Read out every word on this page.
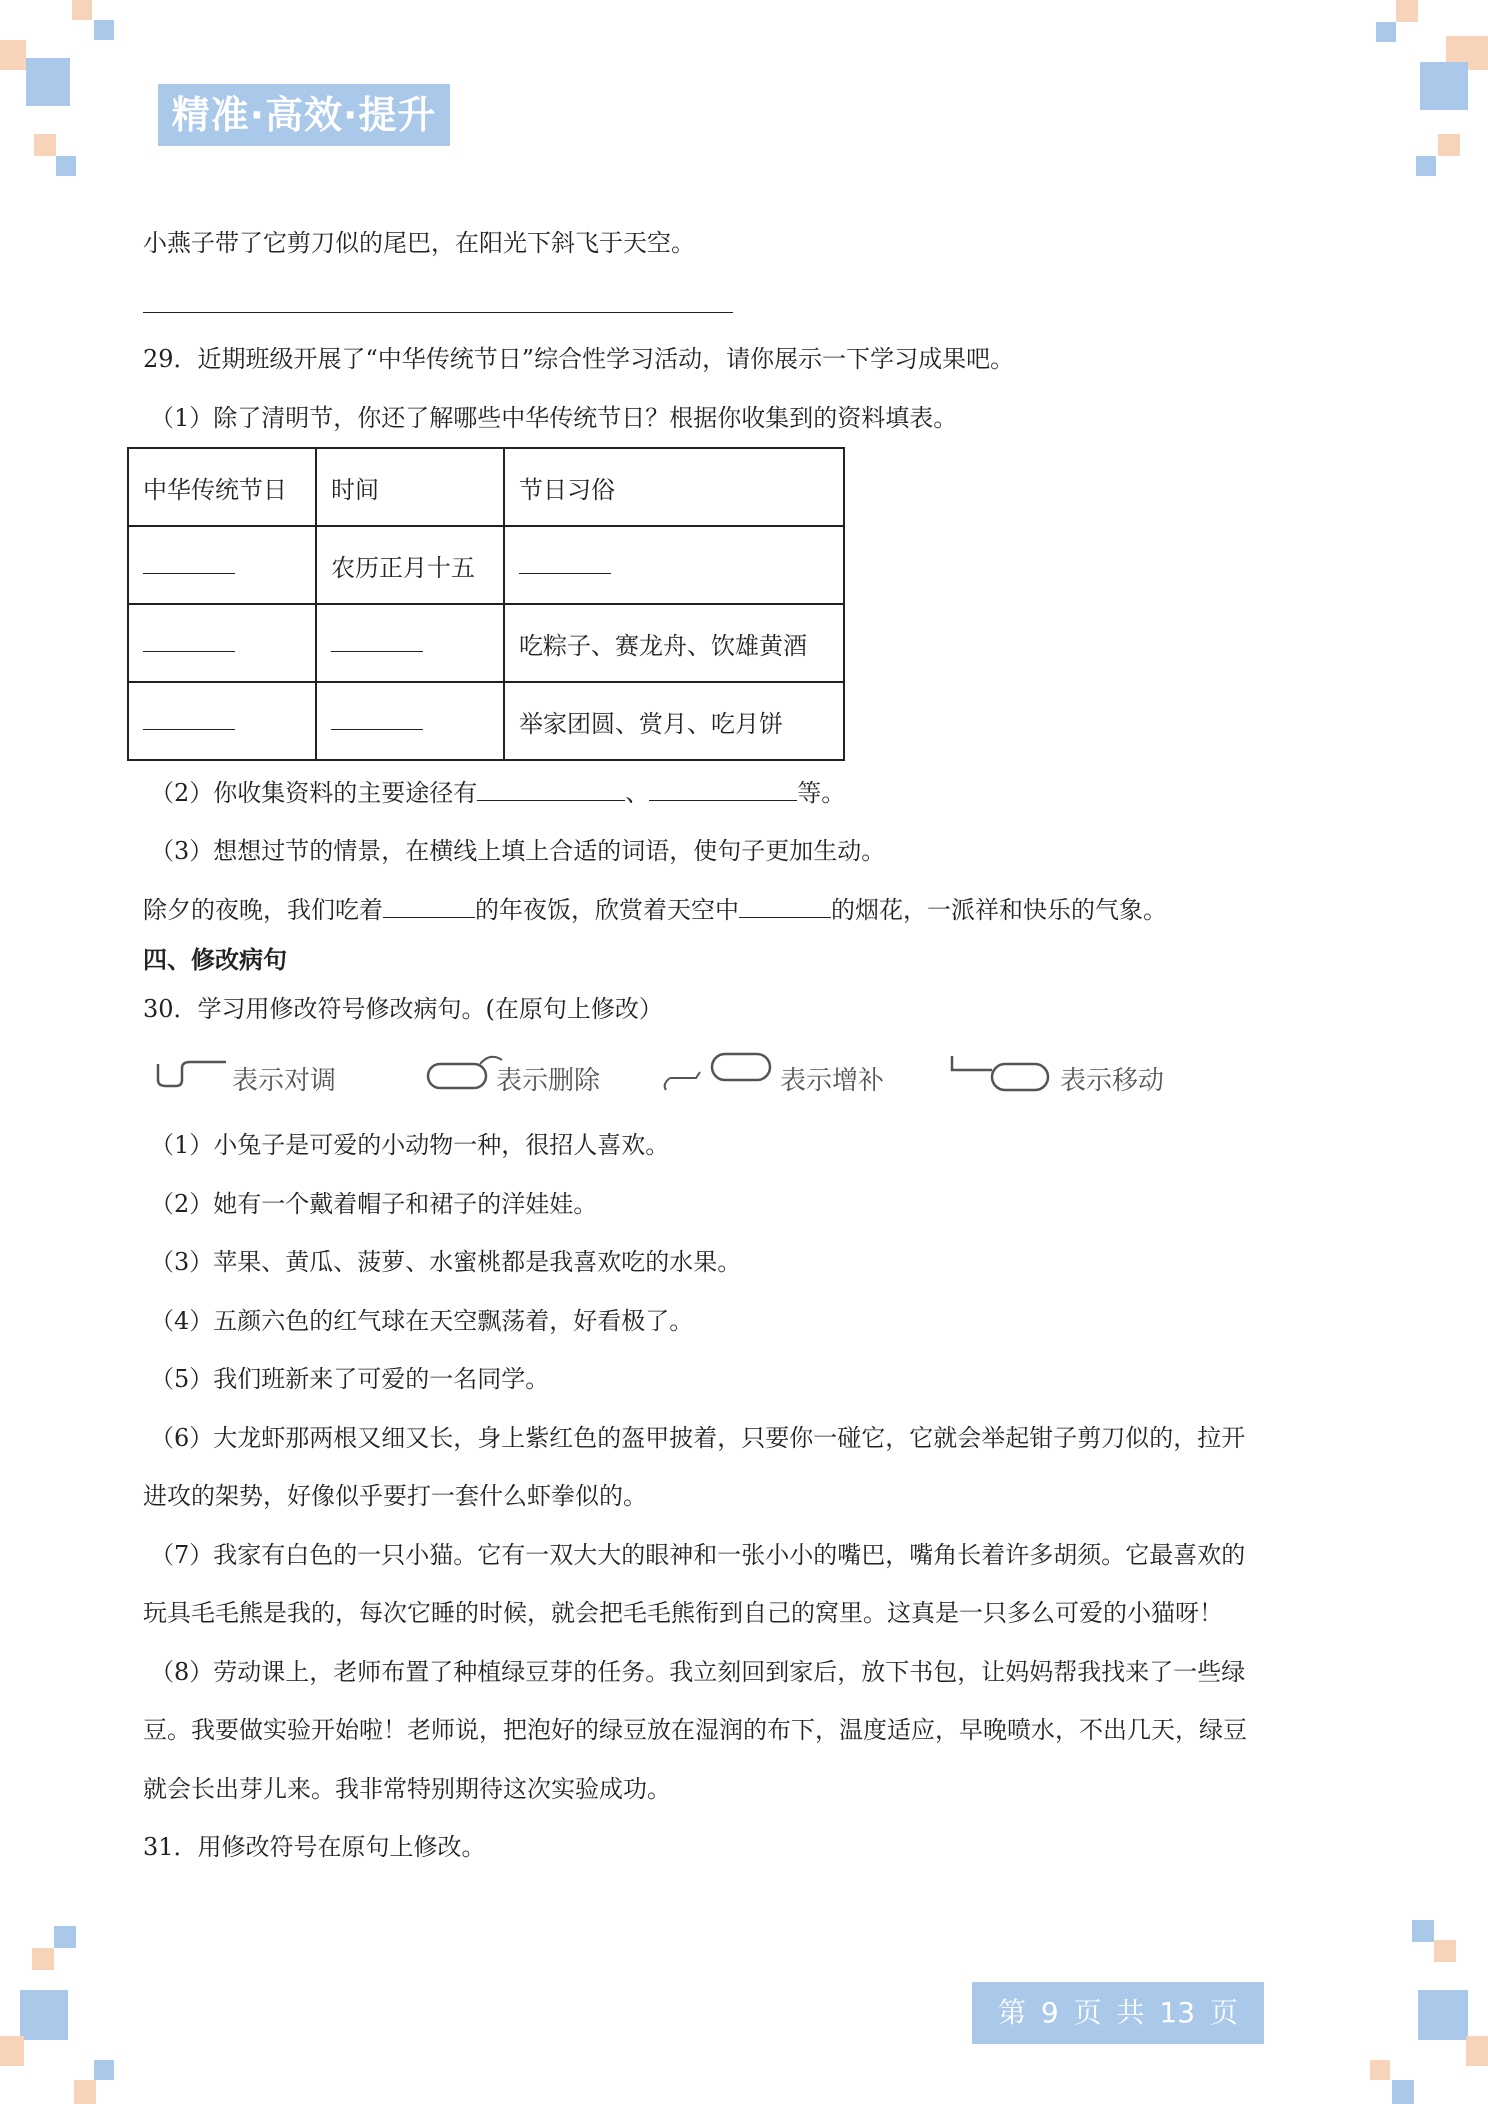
精准·高效·提升
小燕子带了它剪刀似的尾巴，在阳光下斜飞于天空。
29．近期班级开展了“中华传统节日”综合性学习活动，请你展示一下学习成果吧。
（1）除了清明节，你还了解哪些中华传统节日？根据你收集到的资料填表。
中华传统节日	时间	节日习俗
	农历正月十五	
		吃粽子、赛龙舟、饮雄黄酒
		举家团圆、赏月、吃月饼
（2）你收集资料的主要途径有	、	等。
（3）想想过节的情景，在横线上填上合适的词语，使句子更加生动。
除夕的夜晚，我们吃着	的年夜饭，欣赏着天空中	的烟花，一派祥和快乐的气象。
四、修改病句
30．学习用修改符号修改病句。(在原句上修改）
表示对调	表示删除	表示增补	表示移动
（1）小兔子是可爱的小动物一种，很招人喜欢。
（2）她有一个戴着帽子和裙子的洋娃娃。
（3）苹果、黄瓜、菠萝、水蜜桃都是我喜欢吃的水果。
（4）五颜六色的红气球在天空飘荡着，好看极了。
（5）我们班新来了可爱的一名同学。
（6）大龙虾那两根又细又长，身上紫红色的盔甲披着，只要你一碰它，它就会举起钳子剪刀似的，拉开
进攻的架势，好像似乎要打一套什么虾拳似的。
（7）我家有白色的一只小猫。它有一双大大的眼神和一张小小的嘴巴，嘴角长着许多胡须。它最喜欢的
玩具毛毛熊是我的，每次它睡的时候，就会把毛毛熊衔到自己的窝里。这真是一只多么可爱的小猫呀！
（8）劳动课上，老师布置了种植绿豆芽的任务。我立刻回到家后，放下书包，让妈妈帮我找来了一些绿
豆。我要做实验开始啦！老师说，把泡好的绿豆放在湿润的布下，温度适应，早晚喷水，不出几天，绿豆
就会长出芽儿来。我非常特别期待这次实验成功。
31．用修改符号在原句上修改。
第 9 页 共 13 页
